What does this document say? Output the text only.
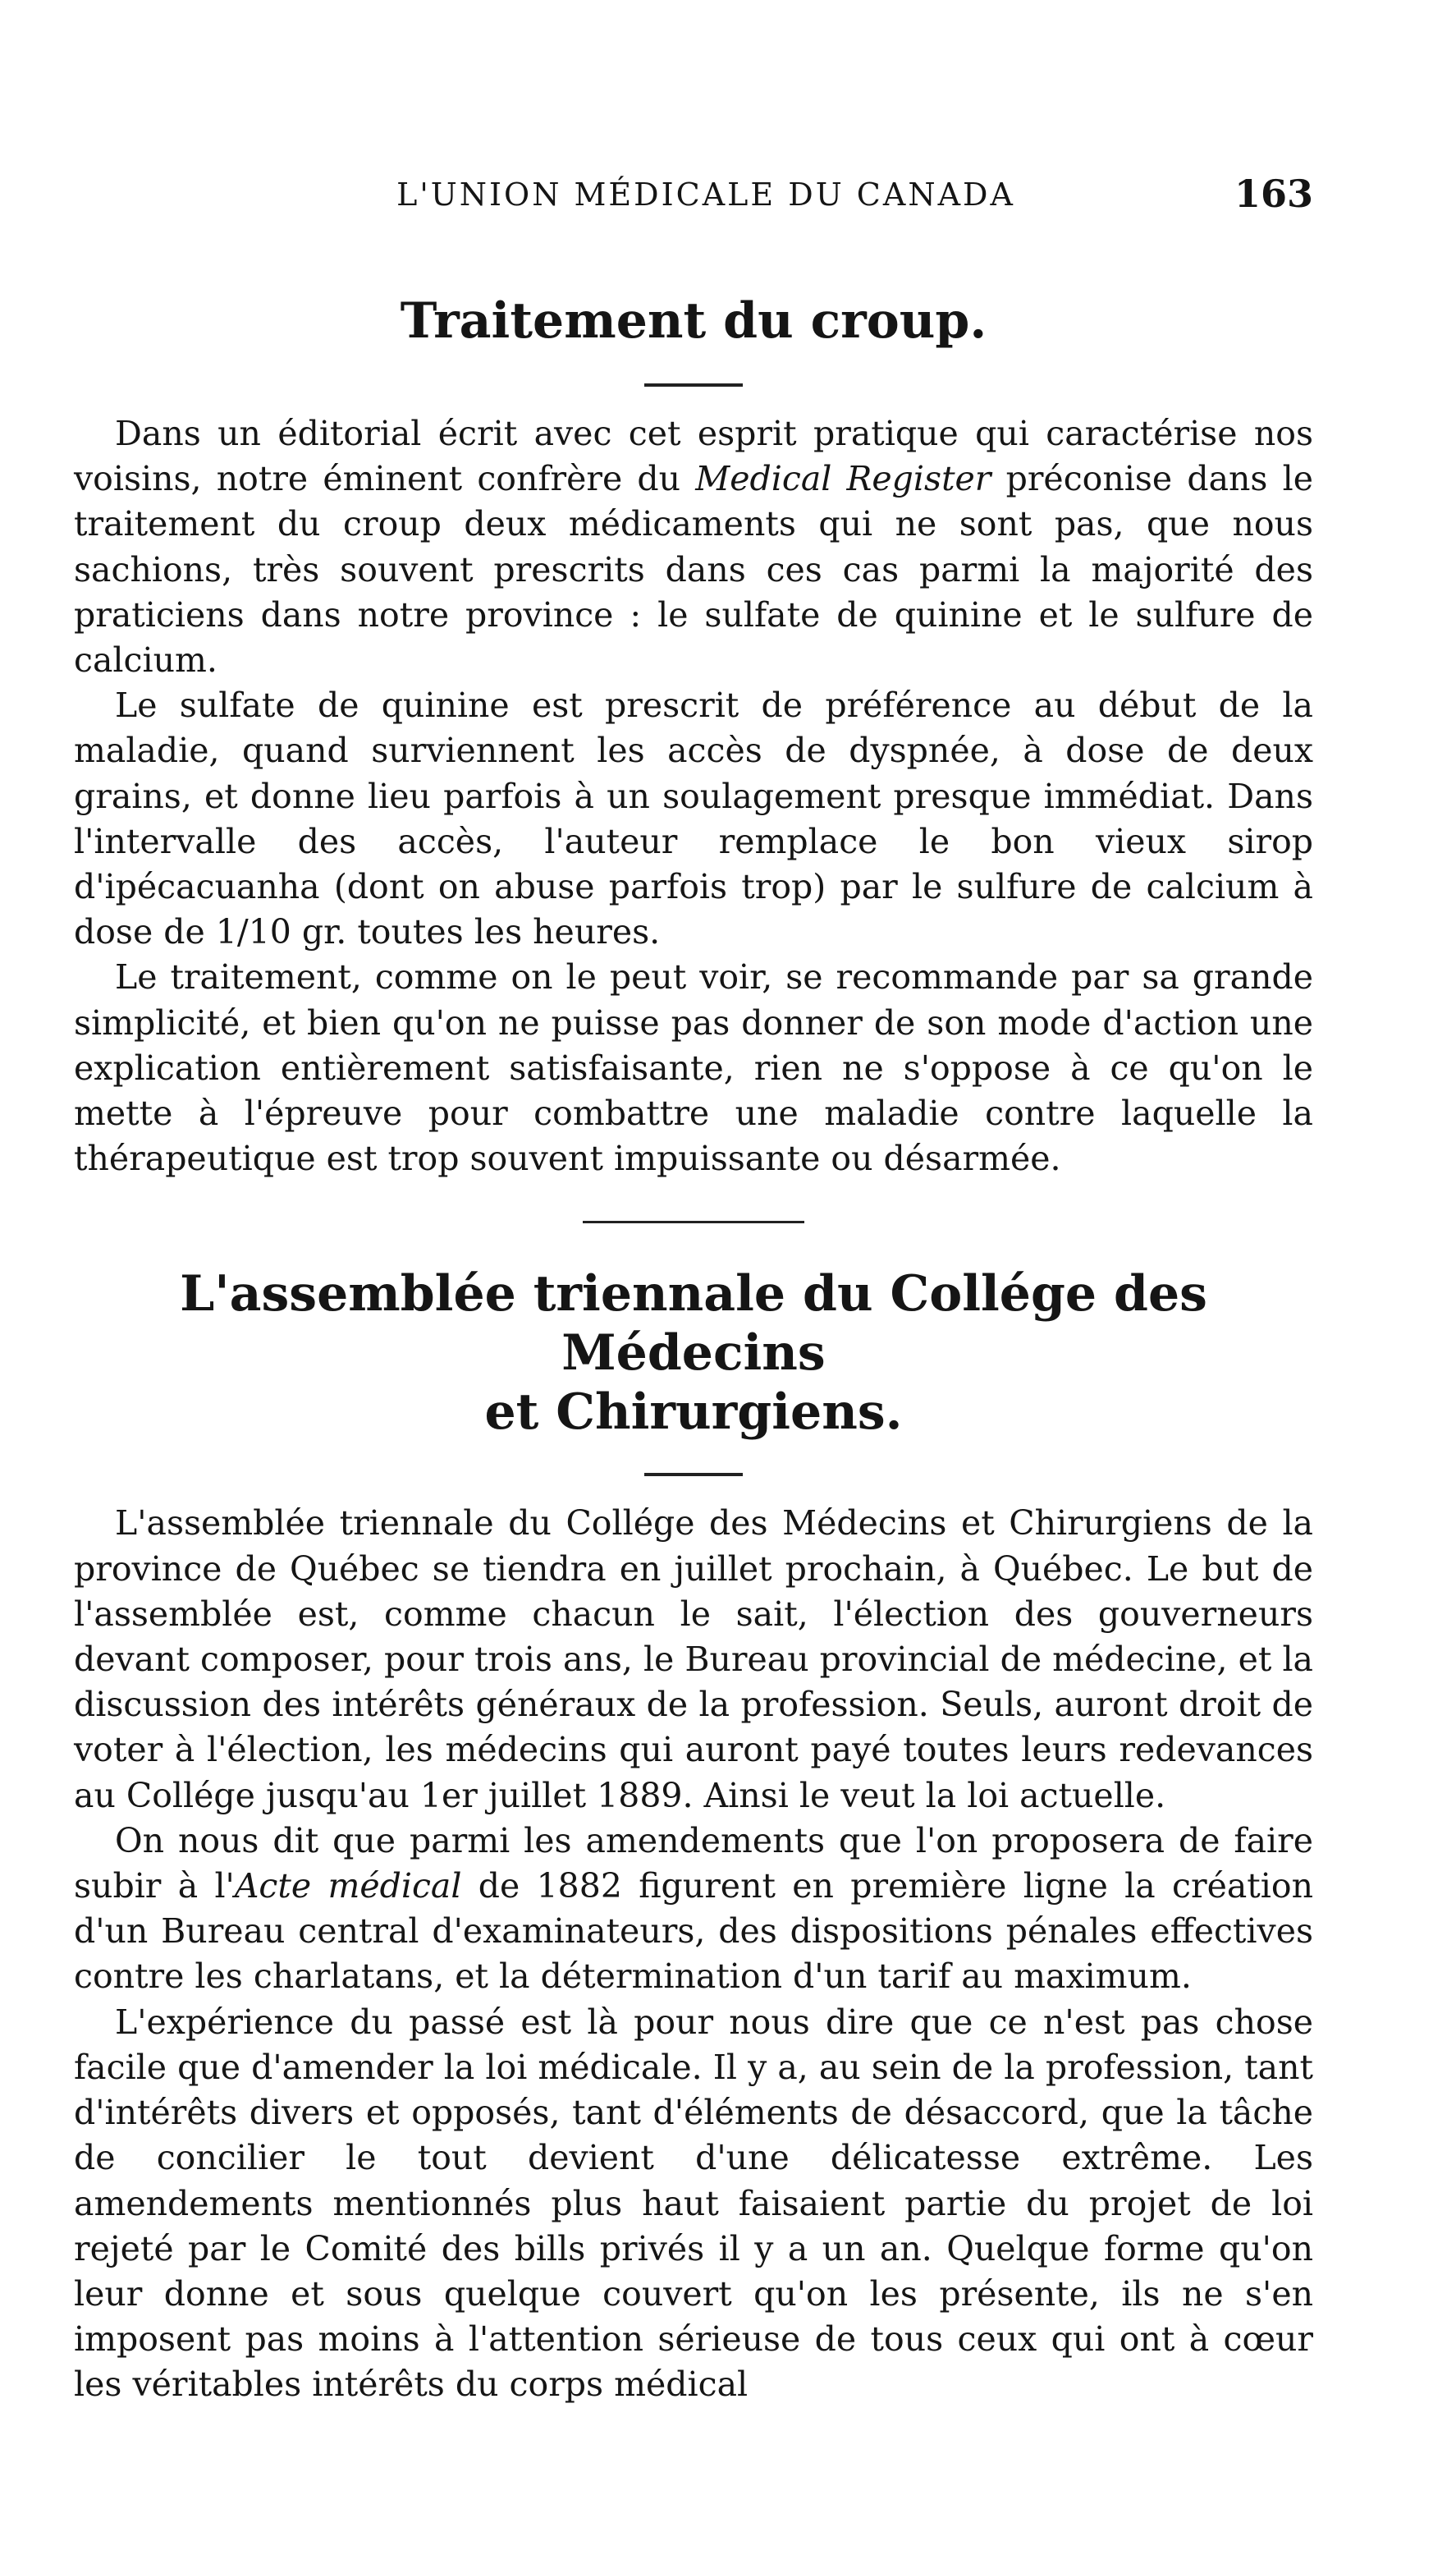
L'UNION MÉDICALE DU CANADA	163
Traitement du croup.

Dans un éditorial écrit avec cet esprit pratique qui caractérise nos voisins, notre éminent confrère du Medical Register préconise dans le traitement du croup deux médicaments qui ne sont pas, que nous sachions, très souvent prescrits dans ces cas parmi la majorité des praticiens dans notre province : le sulfate de quinine et le sulfure de calcium.

Le sulfate de quinine est prescrit de préférence au début de la maladie, quand surviennent les accès de dyspnée, à dose de deux grains, et donne lieu parfois à un soulagement presque immédiat. Dans l'intervalle des accès, l'auteur remplace le bon vieux sirop d'ipécacuanha (dont on abuse parfois trop) par le sulfure de calcium à dose de 1/10 gr. toutes les heures.

Le traitement, comme on le peut voir, se recommande par sa grande simplicité, et bien qu'on ne puisse pas donner de son mode d'action une explication entièrement satisfaisante, rien ne s'oppose à ce qu'on le mette à l'épreuve pour combattre une maladie contre laquelle la thérapeutique est trop souvent impuissante ou désarmée.

L'assemblée triennale du Collége des Médecins
et Chirurgiens.

L'assemblée triennale du Collége des Médecins et Chirurgiens de la province de Québec se tiendra en juillet prochain, à Québec. Le but de l'assemblée est, comme chacun le sait, l'élection des gouverneurs devant composer, pour trois ans, le Bureau provincial de médecine, et la discussion des intérêts généraux de la profession. Seuls, auront droit de voter à l'élection, les médecins qui auront payé toutes leurs redevances au Collége jusqu'au 1er juillet 1889. Ainsi le veut la loi actuelle.

On nous dit que parmi les amendements que l'on proposera de faire subir à l'Acte médical de 1882 figurent en première ligne la création d'un Bureau central d'examinateurs, des dispositions pénales effectives contre les charlatans, et la détermination d'un tarif au maximum.

L'expérience du passé est là pour nous dire que ce n'est pas chose facile que d'amender la loi médicale. Il y a, au sein de la profession, tant d'intérêts divers et opposés, tant d'éléments de désaccord, que la tâche de concilier le tout devient d'une délicatesse extrême. Les amendements mentionnés plus haut faisaient partie du projet de loi rejeté par le Comité des bills privés il y a un an. Quelque forme qu'on leur donne et sous quelque couvert qu'on les présente, ils ne s'en imposent pas moins à l'attention sérieuse de tous ceux qui ont à cœur les véritables intérêts du corps médical
